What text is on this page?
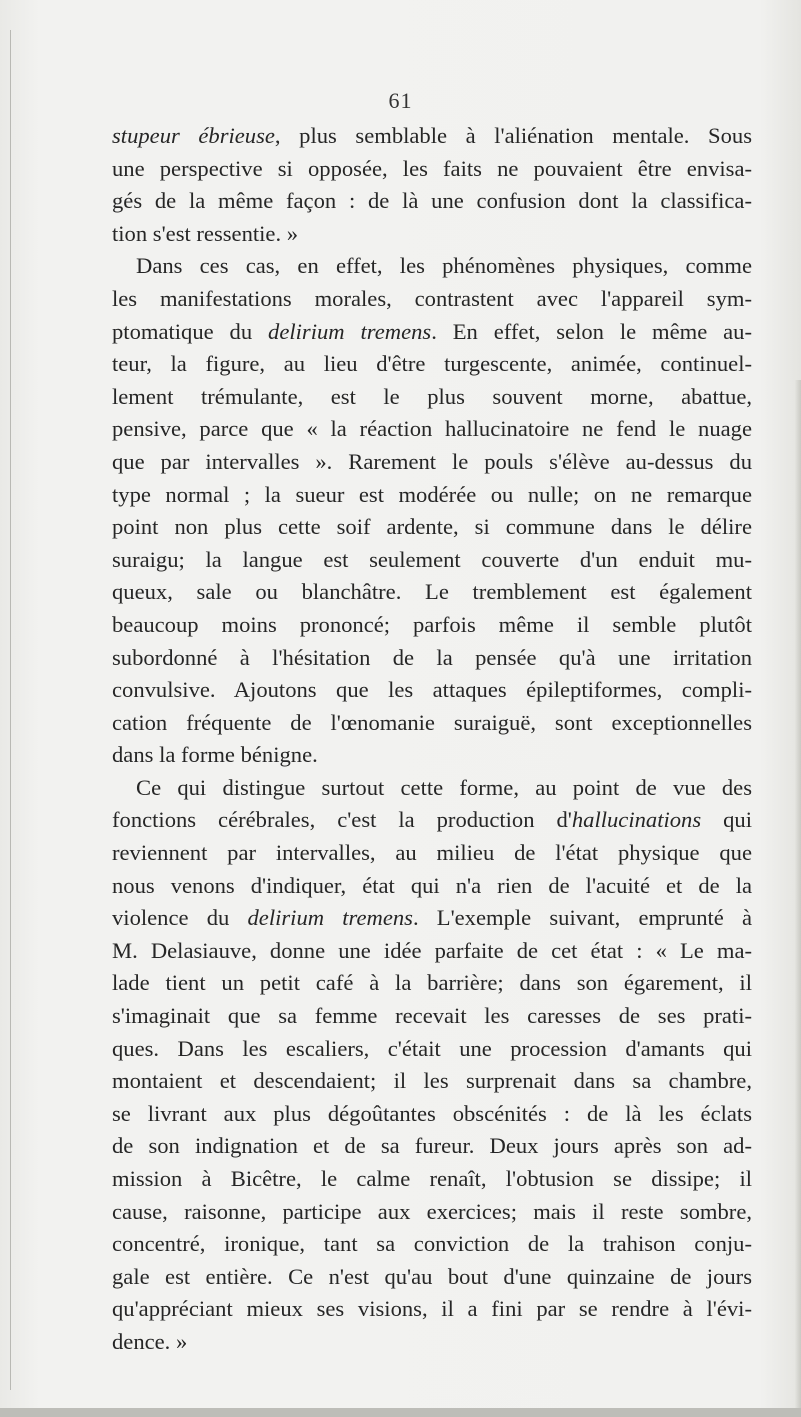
61
stupeur ébrieuse, plus semblable à l'aliénation mentale. Sous
une perspective si opposée, les faits ne pouvaient être envisa-
gés de la même façon : de là une confusion dont la classifica-
tion s'est ressentie. »
Dans ces cas, en effet, les phénomènes physiques, comme
les manifestations morales, contrastent avec l'appareil sym-
ptomatique du delirium tremens. En effet, selon le même au-
teur, la figure, au lieu d'être turgescente, animée, continuel-
lement trémulante, est le plus souvent morne, abattue,
pensive, parce que « la réaction hallucinatoire ne fend le nuage
que par intervalles ». Rarement le pouls s'élève au-dessus du
type normal ; la sueur est modérée ou nulle; on ne remarque
point non plus cette soif ardente, si commune dans le délire
suraigu; la langue est seulement couverte d'un enduit mu-
queux, sale ou blanchâtre. Le tremblement est également
beaucoup moins prononcé; parfois même il semble plutôt
subordonné à l'hésitation de la pensée qu'à une irritation
convulsive. Ajoutons que les attaques épileptiformes, compli-
cation fréquente de l'œnomanie suraiguë, sont exceptionnelles
dans la forme bénigne.
Ce qui distingue surtout cette forme, au point de vue des
fonctions cérébrales, c'est la production d'hallucinations qui
reviennent par intervalles, au milieu de l'état physique que
nous venons d'indiquer, état qui n'a rien de l'acuité et de la
violence du delirium tremens. L'exemple suivant, emprunté à
M. Delasiauve, donne une idée parfaite de cet état : « Le ma-
lade tient un petit café à la barrière; dans son égarement, il
s'imaginait que sa femme recevait les caresses de ses prati-
ques. Dans les escaliers, c'était une procession d'amants qui
montaient et descendaient; il les surprenait dans sa chambre,
se livrant aux plus dégoûtantes obscénités : de là les éclats
de son indignation et de sa fureur. Deux jours après son ad-
mission à Bicêtre, le calme renaît, l'obtusion se dissipe; il
cause, raisonne, participe aux exercices; mais il reste sombre,
concentré, ironique, tant sa conviction de la trahison conju-
gale est entière. Ce n'est qu'au bout d'une quinzaine de jours
qu'appréciant mieux ses visions, il a fini par se rendre à l'évi-
dence. »
